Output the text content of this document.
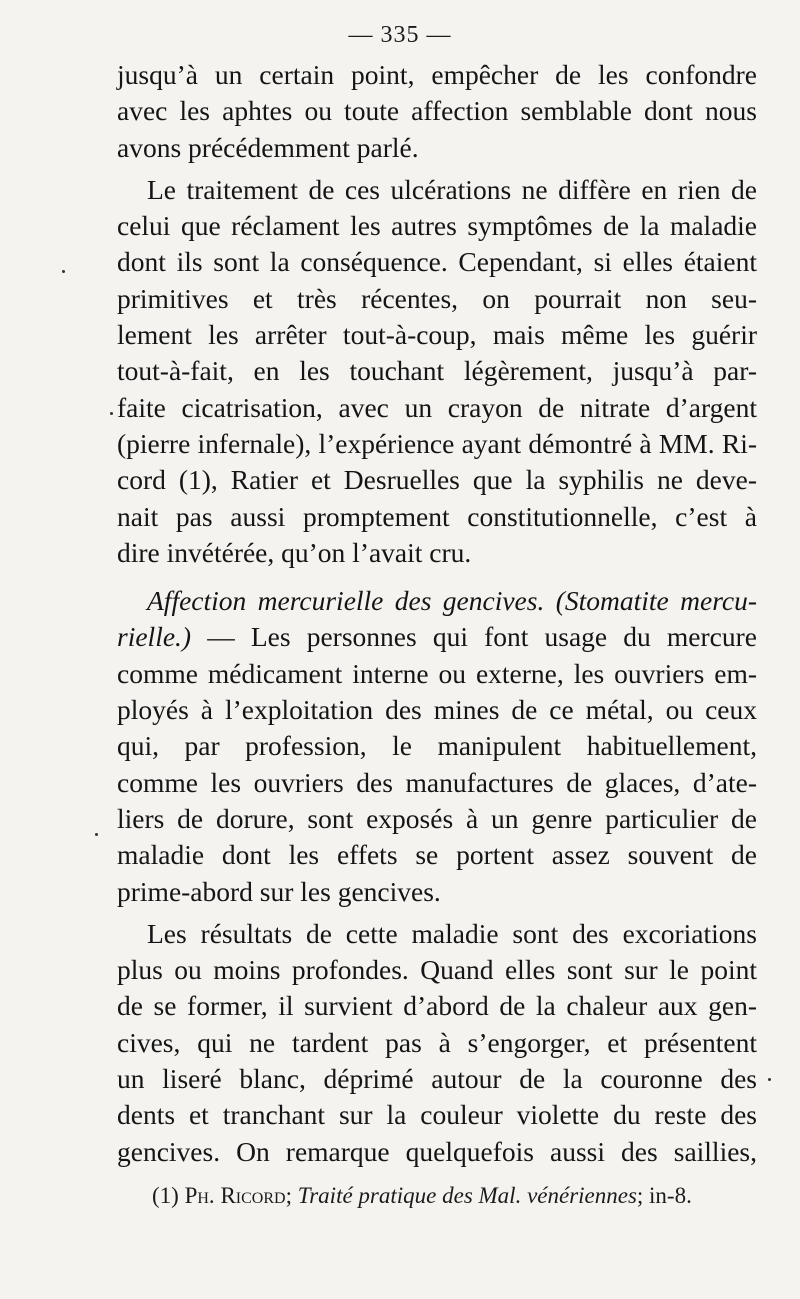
— 335 —
jusqu’à un certain point, empêcher de les confondre
avec les aphtes ou toute affection semblable dont nous
avons précédemment parlé.
Le traitement de ces ulcérations ne diffère en rien de
celui que réclament les autres symptômes de la maladie
dont ils sont la conséquence. Cependant, si elles étaient
primitives et très récentes, on pourrait non seu-
lement les arrêter tout-à-coup, mais même les guérir
tout-à-fait, en les touchant légèrement, jusqu’à par-
faite cicatrisation, avec un crayon de nitrate d’argent
(pierre infernale), l’expérience ayant démontré à MM. Ri-
cord (1), Ratier et Desruelles que la syphilis ne deve-
nait pas aussi promptement constitutionnelle, c’est à
dire invétérée, qu’on l’avait cru.
Affection mercurielle des gencives. (Stomatite mercu-
rielle.) — Les personnes qui font usage du mercure
comme médicament interne ou externe, les ouvriers em-
ployés à l’exploitation des mines de ce métal, ou ceux
qui, par profession, le manipulent habituellement,
comme les ouvriers des manufactures de glaces, d’ate-
liers de dorure, sont exposés à un genre particulier de
maladie dont les effets se portent assez souvent de
prime-abord sur les gencives.
Les résultats de cette maladie sont des excoriations
plus ou moins profondes. Quand elles sont sur le point
de se former, il survient d’abord de la chaleur aux gen-
cives, qui ne tardent pas à s’engorger, et présentent
un liseré blanc, déprimé autour de la couronne des
dents et tranchant sur la couleur violette du reste des
gencives. On remarque quelquefois aussi des saillies,
(1) Ph. Ricord; Traité pratique des Mal. vénériennes; in-8.
